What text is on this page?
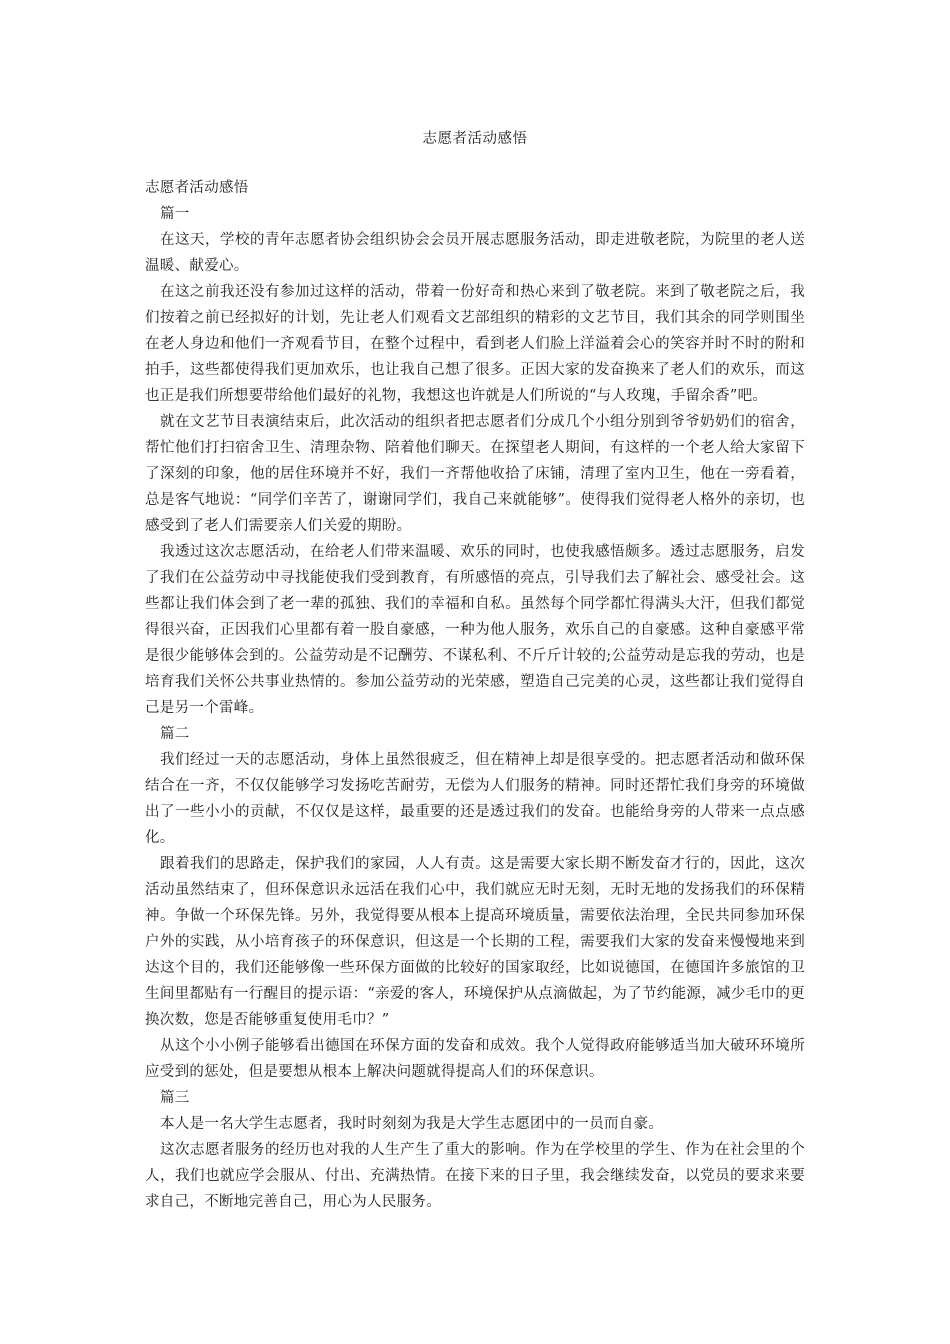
志愿者活动感悟

志愿者活动感悟

篇一

在这天，学校的青年志愿者协会组织协会会员开展志愿服务活动，即走进敬老院，为院里的老人送温暖、献爱心。

在这之前我还没有参加过这样的活动，带着一份好奇和热心来到了敬老院。来到了敬老院之后，我们按着之前已经拟好的计划，先让老人们观看文艺部组织的精彩的文艺节目，我们其余的同学则围坐在老人身边和他们一齐观看节目，在整个过程中，看到老人们脸上洋溢着会心的笑容并时不时的附和拍手，这些都使得我们更加欢乐，也让我自己想了很多。正因大家的发奋换来了老人们的欢乐，而这也正是我们所想要带给他们最好的礼物，我想这也许就是人们所说的“与人玫瑰，手留余香”吧。

就在文艺节目表演结束后，此次活动的组织者把志愿者们分成几个小组分别到爷爷奶奶们的宿舍，帮忙他们打扫宿舍卫生、清理杂物、陪着他们聊天。在探望老人期间，有这样的一个老人给大家留下了深刻的印象，他的居住环境并不好，我们一齐帮他收拾了床铺，清理了室内卫生，他在一旁看着，总是客气地说：“同学们辛苦了，谢谢同学们，我自己来就能够”。使得我们觉得老人格外的亲切，也感受到了老人们需要亲人们关爱的期盼。

我透过这次志愿活动，在给老人们带来温暖、欢乐的同时，也使我感悟颇多。透过志愿服务，启发了我们在公益劳动中寻找能使我们受到教育，有所感悟的亮点，引导我们去了解社会、感受社会。这些都让我们体会到了老一辈的孤独、我们的幸福和自私。虽然每个同学都忙得满头大汗，但我们都觉得很兴奋，正因我们心里都有着一股自豪感，一种为他人服务，欢乐自己的自豪感。这种自豪感平常是很少能够体会到的。公益劳动是不记酬劳、不谋私利、不斤斤计较的;公益劳动是忘我的劳动，也是培育我们关怀公共事业热情的。参加公益劳动的光荣感，塑造自己完美的心灵，这些都让我们觉得自己是另一个雷峰。

篇二

我们经过一天的志愿活动，身体上虽然很疲乏，但在精神上却是很享受的。把志愿者活动和做环保结合在一齐，不仅仅能够学习发扬吃苦耐劳，无偿为人们服务的精神。同时还帮忙我们身旁的环境做出了一些小小的贡献，不仅仅是这样，最重要的还是透过我们的发奋。也能给身旁的人带来一点点感化。

跟着我们的思路走，保护我们的家园，人人有责。这是需要大家长期不断发奋才行的，因此，这次活动虽然结束了，但环保意识永远活在我们心中，我们就应无时无刻，无时无地的发扬我们的环保精神。争做一个环保先锋。另外，我觉得要从根本上提高环境质量，需要依法治理，全民共同参加环保户外的实践，从小培育孩子的环保意识，但这是一个长期的工程，需要我们大家的发奋来慢慢地来到达这个目的，我们还能够像一些环保方面做的比较好的国家取经，比如说德国，在德国许多旅馆的卫生间里都贴有一行醒目的提示语：“亲爱的客人，环境保护从点滴做起，为了节约能源，减少毛巾的更换次数，您是否能够重复使用毛巾？”

从这个小小例子能够看出德国在环保方面的发奋和成效。我个人觉得政府能够适当加大破环环境所应受到的惩处，但是要想从根本上解决问题就得提高人们的环保意识。

篇三

本人是一名大学生志愿者，我时时刻刻为我是大学生志愿团中的一员而自豪。

这次志愿者服务的经历也对我的人生产生了重大的影响。作为在学校里的学生、作为在社会里的个人，我们也就应学会服从、付出、充满热情。在接下来的日子里，我会继续发奋，以党员的要求来要求自己，不断地完善自己，用心为人民服务。
